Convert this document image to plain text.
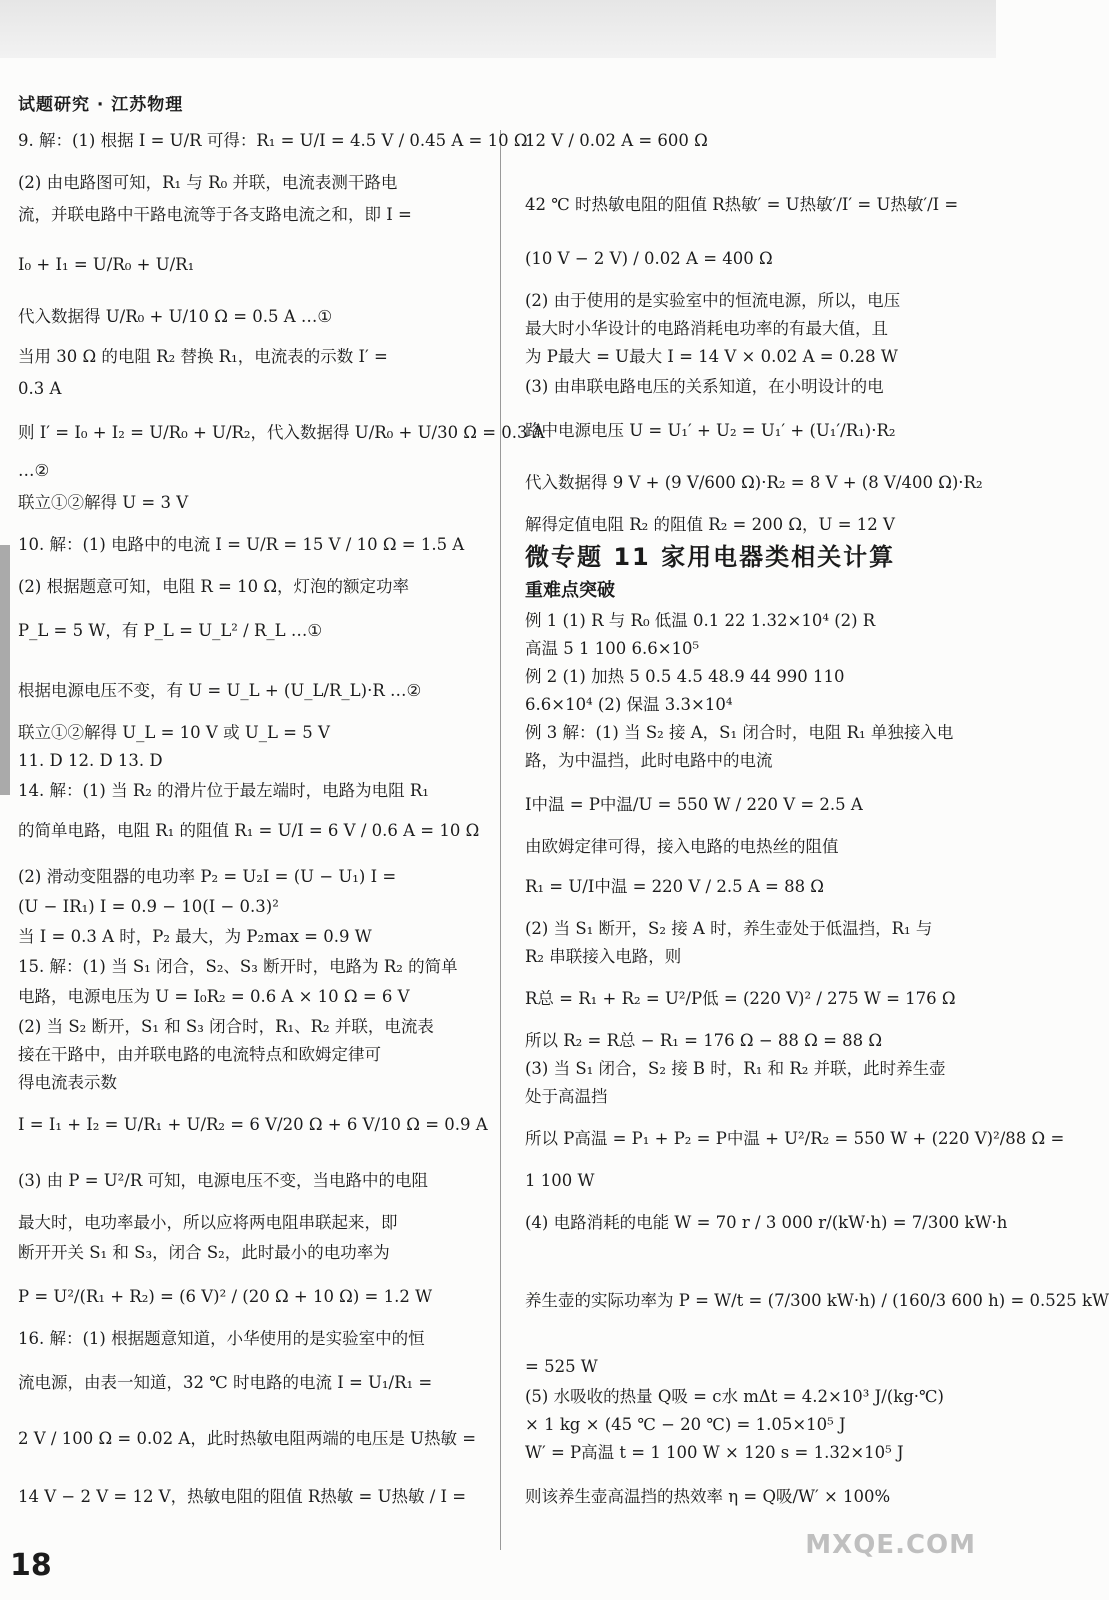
试题研究 · 江苏物理
9. 解：(1) 根据 I = U/R 可得：R₁ = U/I = 4.5 V / 0.45 A = 10 Ω
(2) 由电路图可知，R₁ 与 R₀ 并联，电流表测干路电
流，并联电路中干路电流等于各支路电流之和，即 I =
I₀ + I₁ = U/R₀ + U/R₁
代入数据得 U/R₀ + U/10 Ω = 0.5 A …①
当用 30 Ω 的电阻 R₂ 替换 R₁，电流表的示数 I′ =
0.3 A
则 I′ = I₀ + I₂ = U/R₀ + U/R₂，代入数据得 U/R₀ + U/30 Ω = 0.3 A
…②
联立①②解得 U = 3 V
10. 解：(1) 电路中的电流 I = U/R = 15 V / 10 Ω = 1.5 A
(2) 根据题意可知，电阻 R = 10 Ω，灯泡的额定功率
P_L = 5 W，有 P_L = U_L² / R_L …①
根据电源电压不变，有 U = U_L + (U_L/R_L)·R …②
联立①②解得 U_L = 10 V 或 U_L = 5 V
11. D 12. D 13. D
14. 解：(1) 当 R₂ 的滑片位于最左端时，电路为电阻 R₁
的简单电路，电阻 R₁ 的阻值 R₁ = U/I = 6 V / 0.6 A = 10 Ω
(2) 滑动变阻器的电功率 P₂ = U₂I = (U − U₁) I =
(U − IR₁) I = 0.9 − 10(I − 0.3)²
当 I = 0.3 A 时，P₂ 最大，为 P₂max = 0.9 W
15. 解：(1) 当 S₁ 闭合，S₂、S₃ 断开时，电路为 R₂ 的简单
电路，电源电压为 U = I₀R₂ = 0.6 A × 10 Ω = 6 V
(2) 当 S₂ 断开，S₁ 和 S₃ 闭合时，R₁、R₂ 并联，电流表
接在干路中，由并联电路的电流特点和欧姆定律可
得电流表示数
I = I₁ + I₂ = U/R₁ + U/R₂ = 6 V/20 Ω + 6 V/10 Ω = 0.9 A
(3) 由 P = U²/R 可知，电源电压不变，当电路中的电阻
最大时，电功率最小，所以应将两电阻串联起来，即
断开开关 S₁ 和 S₃，闭合 S₂，此时最小的电功率为
P = U²/(R₁ + R₂) = (6 V)² / (20 Ω + 10 Ω) = 1.2 W
16. 解：(1) 根据题意知道，小华使用的是实验室中的恒
流电源，由表一知道，32 ℃ 时电路的电流 I = U₁/R₁ =
2 V / 100 Ω = 0.02 A，此时热敏电阻两端的电压是 U热敏 =
14 V − 2 V = 12 V，热敏电阻的阻值 R热敏 = U热敏 / I =
12 V / 0.02 A = 600 Ω
42 ℃ 时热敏电阻的阻值 R热敏′ = U热敏′/I′ = U热敏′/I =
(10 V − 2 V) / 0.02 A = 400 Ω
(2) 由于使用的是实验室中的恒流电源，所以，电压
最大时小华设计的电路消耗电功率的有最大值，且
为 P最大 = U最大 I = 14 V × 0.02 A = 0.28 W
(3) 由串联电路电压的关系知道，在小明设计的电
路中电源电压 U = U₁′ + U₂ = U₁′ + (U₁′/R₁)·R₂
代入数据得 9 V + (9 V/600 Ω)·R₂ = 8 V + (8 V/400 Ω)·R₂
解得定值电阻 R₂ 的阻值 R₂ = 200 Ω，U = 12 V
微专题 11 家用电器类相关计算
重难点突破
例 1 (1) R 与 R₀ 低温 0.1 22 1.32×10⁴ (2) R
高温 5 1 100 6.6×10⁵
例 2 (1) 加热 5 0.5 4.5 48.9 44 990 110
6.6×10⁴ (2) 保温 3.3×10⁴
例 3 解：(1) 当 S₂ 接 A，S₁ 闭合时，电阻 R₁ 单独接入电
路，为中温挡，此时电路中的电流
I中温 = P中温/U = 550 W / 220 V = 2.5 A
由欧姆定律可得，接入电路的电热丝的阻值
R₁ = U/I中温 = 220 V / 2.5 A = 88 Ω
(2) 当 S₁ 断开，S₂ 接 A 时，养生壶处于低温挡，R₁ 与
R₂ 串联接入电路，则
R总 = R₁ + R₂ = U²/P低 = (220 V)² / 275 W = 176 Ω
所以 R₂ = R总 − R₁ = 176 Ω − 88 Ω = 88 Ω
(3) 当 S₁ 闭合，S₂ 接 B 时，R₁ 和 R₂ 并联，此时养生壶
处于高温挡
所以 P高温 = P₁ + P₂ = P中温 + U²/R₂ = 550 W + (220 V)²/88 Ω =
1 100 W
(4) 电路消耗的电能 W = 70 r / 3 000 r/(kW·h) = 7/300 kW·h
养生壶的实际功率为 P = W/t = (7/300 kW·h) / (160/3 600 h) = 0.525 kW
= 525 W
(5) 水吸收的热量 Q吸 = c水 mΔt = 4.2×10³ J/(kg·℃)
× 1 kg × (45 ℃ − 20 ℃) = 1.05×10⁵ J
W′ = P高温 t = 1 100 W × 120 s = 1.32×10⁵ J
则该养生壶高温挡的热效率 η = Q吸/W′ × 100%
18
MXQE.COM
